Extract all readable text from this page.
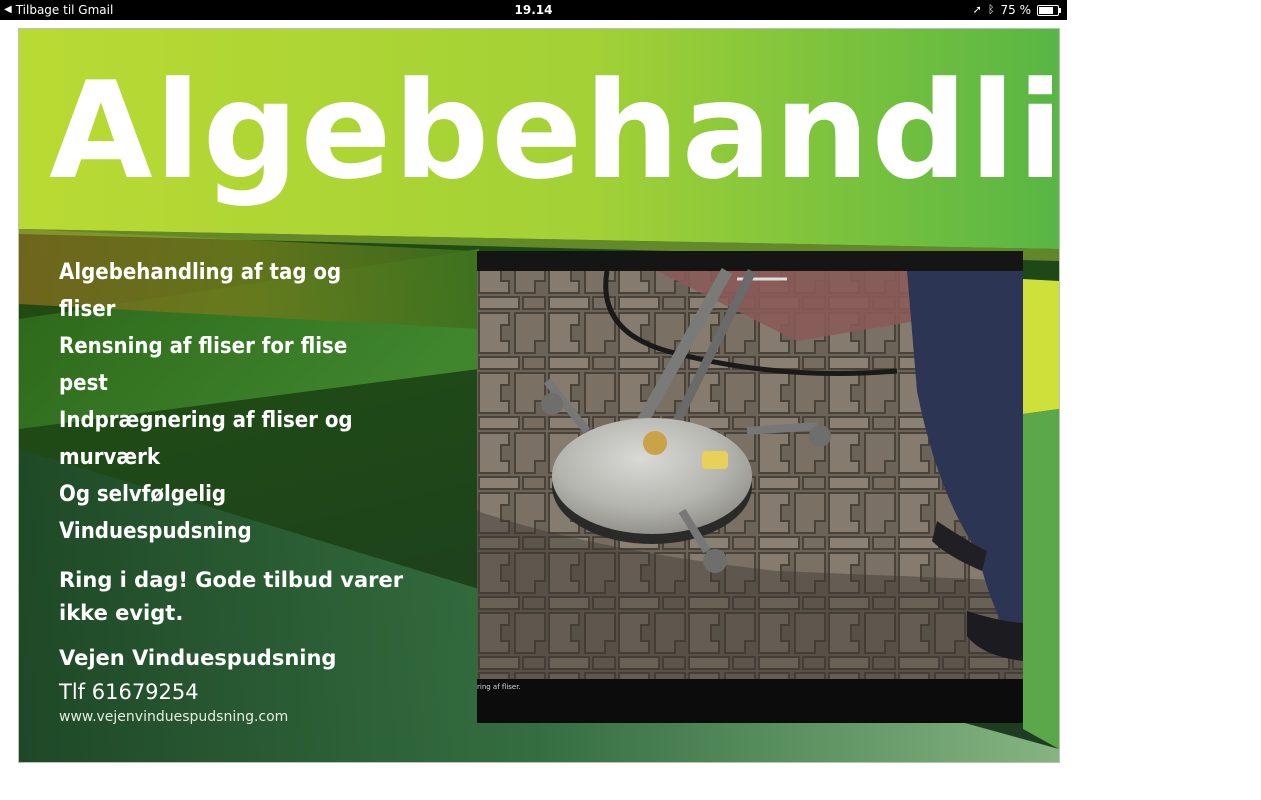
◀ Tilbage til Gmail	19.14	➚ ᛒ 75 %
Algebehandling
Algebehandling af tag og
fliser
Rensning af fliser for flise
pest
Indprægnering af fliser og
murværk
Og selvfølgelig
Vinduespudsning
Ring i dag! Gode tilbud varer ikke evigt.
Vejen Vinduespudsning
Tlf 61679254
www.vejenvinduespudsning.com
ring af fliser.
